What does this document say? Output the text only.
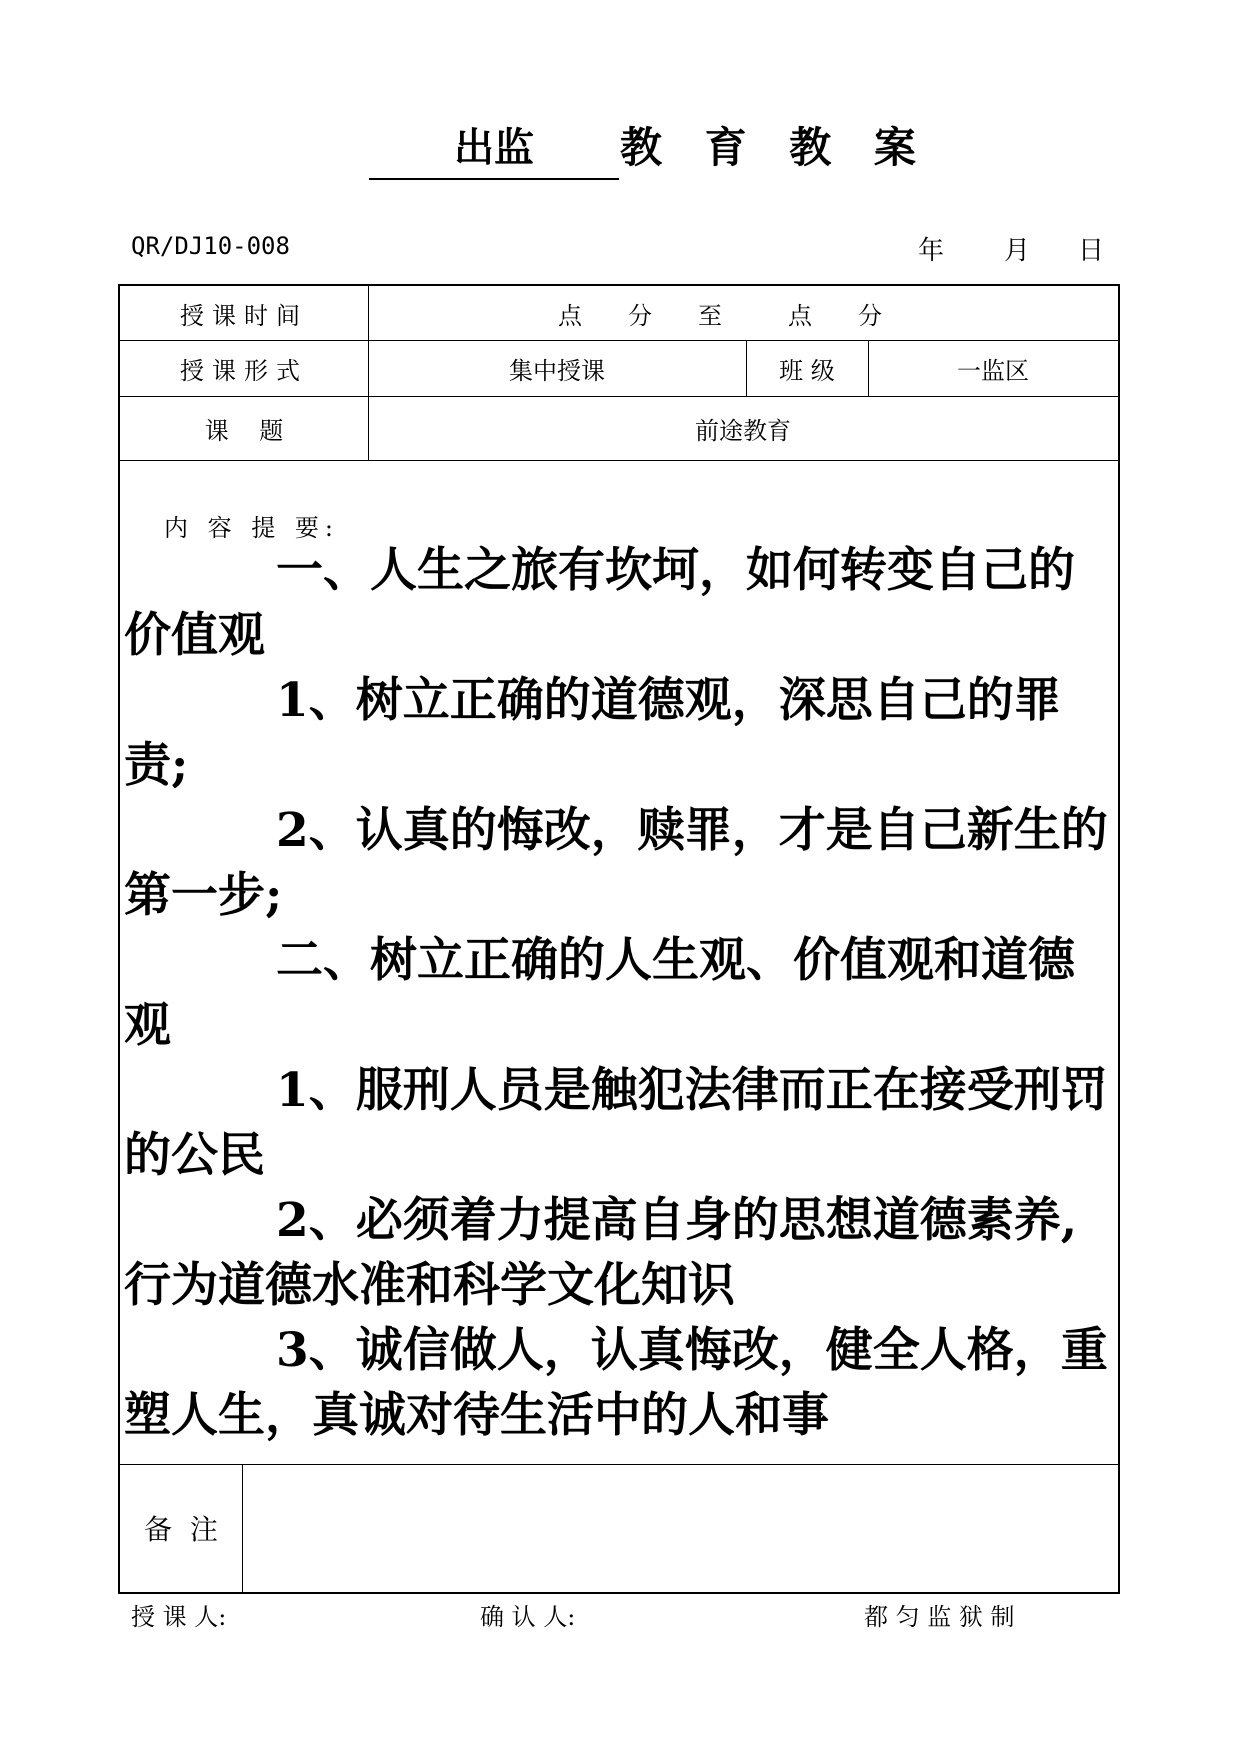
出监	教 育 教 案
QR/DJ10-008	年 月 日
授课时间	点 分 至	点 分
授课形式	集中授课	班 级	一监区
课    题	前途教育
内 容 提 要:

一、人生之旅有坎坷，如何转变自己的价值观

1、树立正确的道德观，深思自己的罪责;

2、认真的悔改，赎罪，才是自己新生的第一步;

二、树立正确的人生观、价值观和道德观

1、服刑人员是触犯法律而正在接受刑罚的公民

2、必须着力提高自身的思想道德素养,行为道德水准和科学文化知识

3、诚信做人，认真悔改，健全人格，重塑人生，真诚对待生活中的人和事

备  注
授 课 人:	确 认 人:	都 匀 监 狱 制
